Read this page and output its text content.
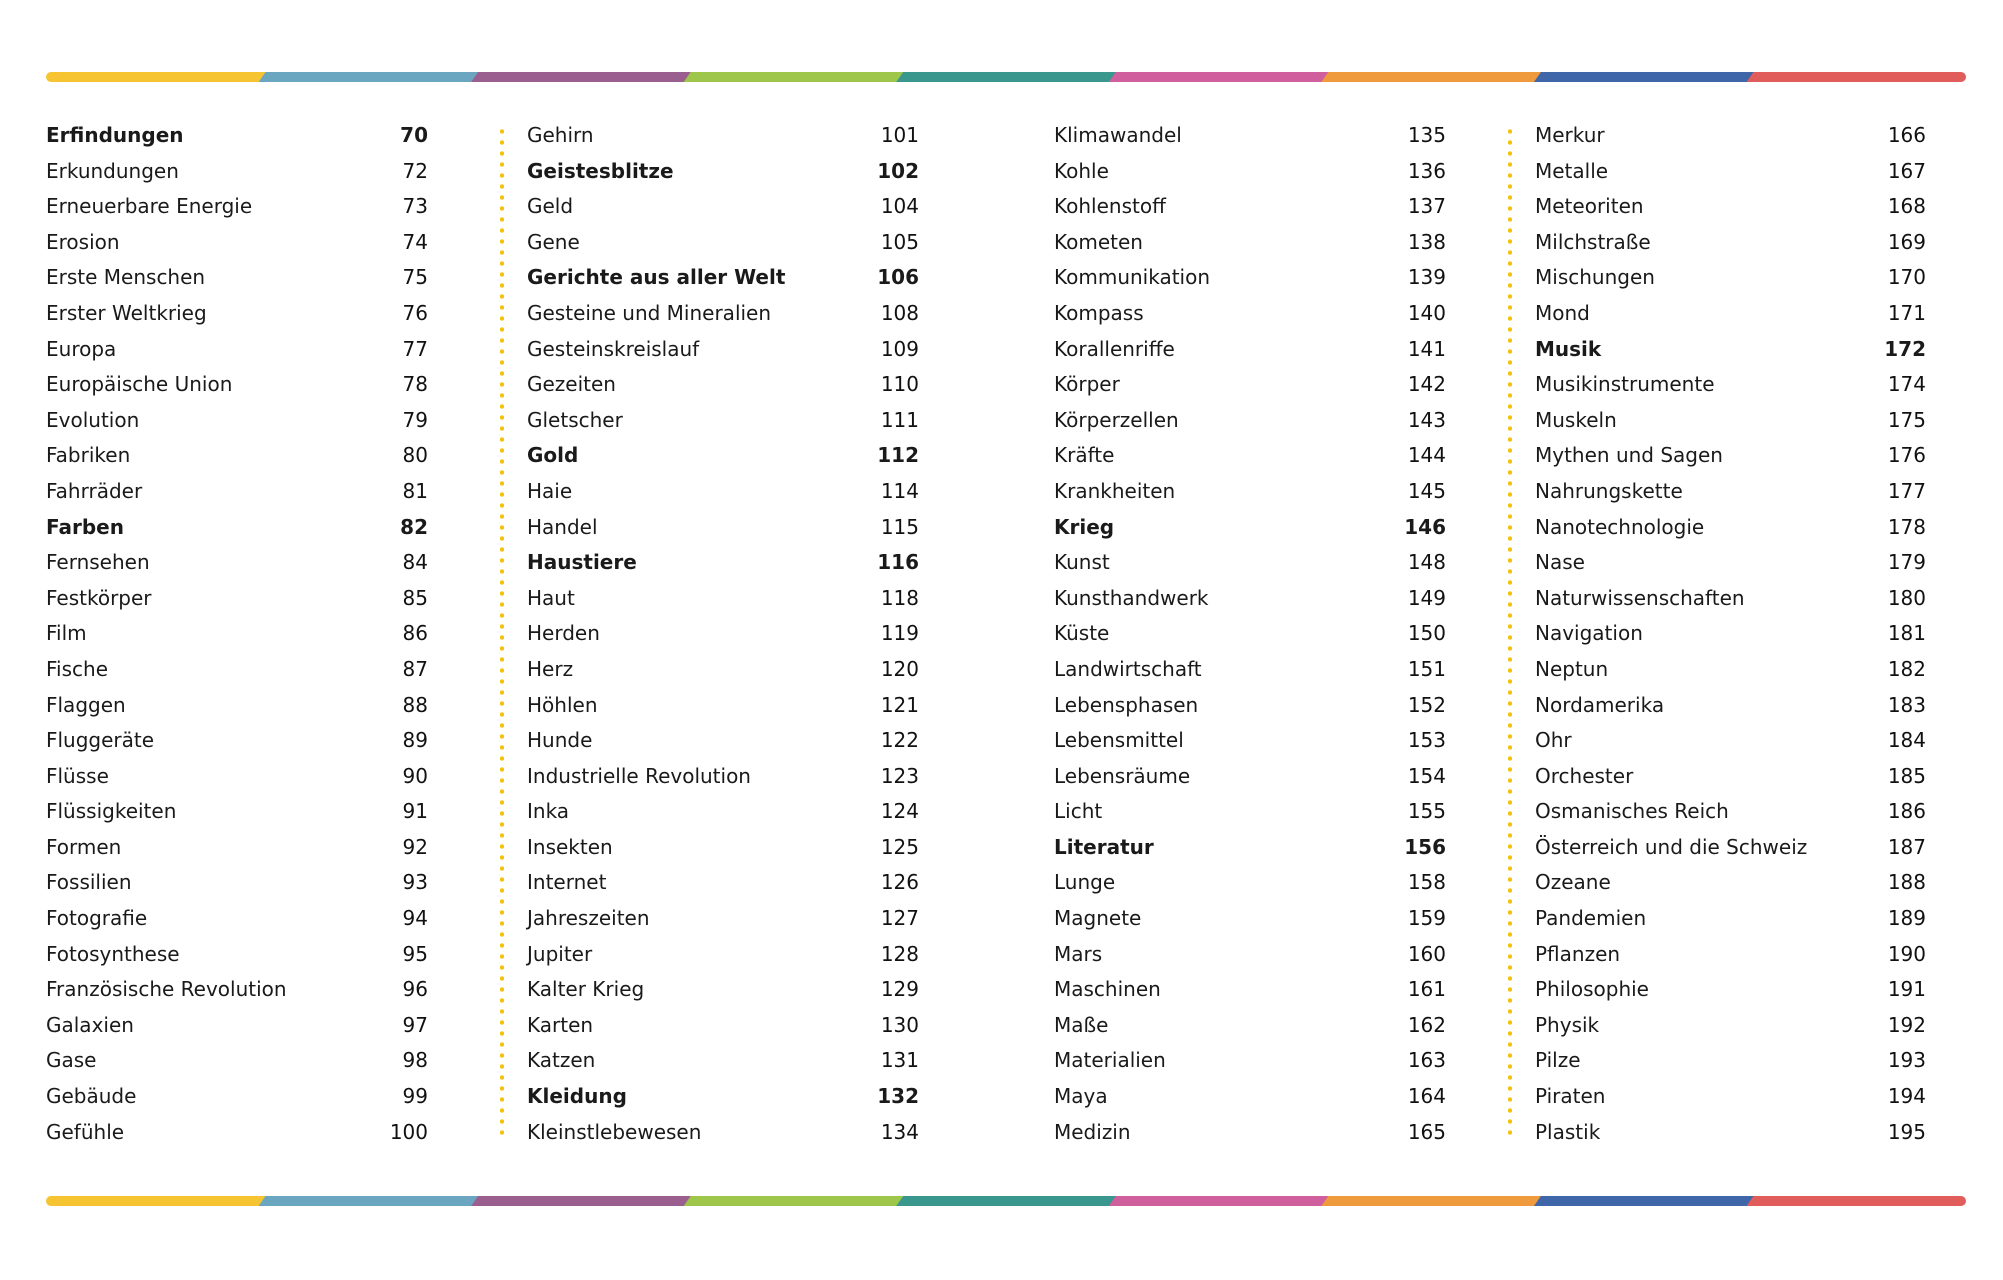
Erfindungen	70
Erkundungen	72
Erneuerbare Energie	73
Erosion	74
Erste Menschen	75
Erster Weltkrieg	76
Europa	77
Europäische Union	78
Evolution	79
Fabriken	80
Fahrräder	81
Farben	82
Fernsehen	84
Festkörper	85
Film	86
Fische	87
Flaggen	88
Fluggeräte	89
Flüsse	90
Flüssigkeiten	91
Formen	92
Fossilien	93
Fotografie	94
Fotosynthese	95
Französische Revolution	96
Galaxien	97
Gase	98
Gebäude	99
Gefühle	100
Gehirn	101
Geistesblitze	102
Geld	104
Gene	105
Gerichte aus aller Welt	106
Gesteine und Mineralien	108
Gesteinskreislauf	109
Gezeiten	110
Gletscher	111
Gold	112
Haie	114
Handel	115
Haustiere	116
Haut	118
Herden	119
Herz	120
Höhlen	121
Hunde	122
Industrielle Revolution	123
Inka	124
Insekten	125
Internet	126
Jahreszeiten	127
Jupiter	128
Kalter Krieg	129
Karten	130
Katzen	131
Kleidung	132
Kleinstlebewesen	134
Klimawandel	135
Kohle	136
Kohlenstoff	137
Kometen	138
Kommunikation	139
Kompass	140
Korallenriffe	141
Körper	142
Körperzellen	143
Kräfte	144
Krankheiten	145
Krieg	146
Kunst	148
Kunsthandwerk	149
Küste	150
Landwirtschaft	151
Lebensphasen	152
Lebensmittel	153
Lebensräume	154
Licht	155
Literatur	156
Lunge	158
Magnete	159
Mars	160
Maschinen	161
Maße	162
Materialien	163
Maya	164
Medizin	165
Merkur	166
Metalle	167
Meteoriten	168
Milchstraße	169
Mischungen	170
Mond	171
Musik	172
Musikinstrumente	174
Muskeln	175
Mythen und Sagen	176
Nahrungskette	177
Nanotechnologie	178
Nase	179
Naturwissenschaften	180
Navigation	181
Neptun	182
Nordamerika	183
Ohr	184
Orchester	185
Osmanisches Reich	186
Österreich und die Schweiz	187
Ozeane	188
Pandemien	189
Pflanzen	190
Philosophie	191
Physik	192
Pilze	193
Piraten	194
Plastik	195
